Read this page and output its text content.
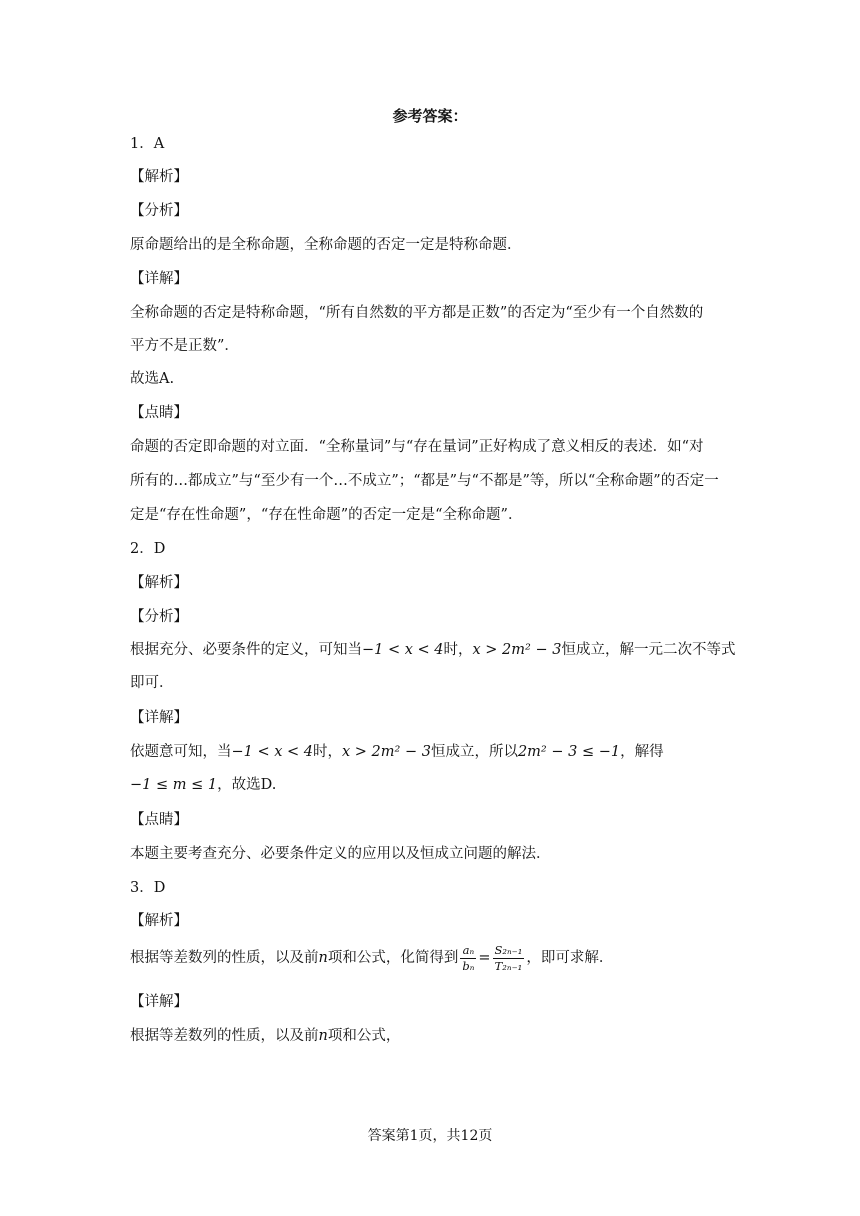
参考答案：
1．A
【解析】
【分析】
原命题给出的是全称命题，全称命题的否定一定是特称命题．
【详解】
全称命题的否定是特称命题，“所有自然数的平方都是正数”的否定为“至少有一个自然数的
平方不是正数”．
故选A.
【点睛】
命题的否定即命题的对立面．“全称量词”与“存在量词”正好构成了意义相反的表述．如“对
所有的…都成立”与“至少有一个…不成立”；“都是”与“不都是”等，所以“全称命题”的否定一
定是“存在性命题”，“存在性命题”的否定一定是“全称命题”．
2．D
【解析】
【分析】
根据充分、必要条件的定义，可知当−1 < x < 4时，x > 2m² − 3恒成立，解一元二次不等式
即可．
【详解】
依题意可知，当−1 < x < 4时，x > 2m² − 3恒成立，所以2m² − 3 ≤ −1，解得
−1 ≤ m ≤ 1，故选D.
【点睛】
本题主要考查充分、必要条件定义的应用以及恒成立问题的解法．
3．D
【解析】
根据等差数列的性质，以及前n项和公式，化简得到 $\frac{\text{aₙ}}{\text{bₙ}} = \frac{\text{S₂ₙ₋₁}}{\text{T₂ₙ₋₁}}$ ，即可求解．
【详解】
根据等差数列的性质，以及前n项和公式，
答案第1页，共12页
